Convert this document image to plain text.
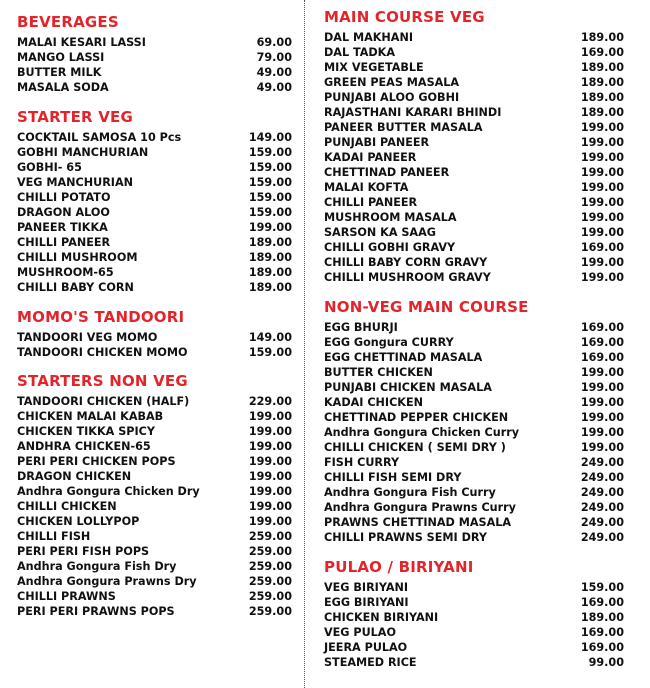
BEVERAGES
MALAI KESARI LASSI	69.00
MANGO LASSI	79.00
BUTTER MILK	49.00
MASALA SODA	49.00
STARTER VEG
COCKTAIL SAMOSA 10 Pcs	149.00
GOBHI MANCHURIAN	159.00
GOBHI- 65	159.00
VEG MANCHURIAN	159.00
CHILLI POTATO	159.00
DRAGON ALOO	159.00
PANEER TIKKA	199.00
CHILLI PANEER	189.00
CHILLI MUSHROOM	189.00
MUSHROOM-65	189.00
CHILLI BABY CORN	189.00
MOMO'S TANDOORI
TANDOORI VEG MOMO	149.00
TANDOORI CHICKEN MOMO	159.00
STARTERS NON VEG
TANDOORI CHICKEN (HALF)	229.00
CHICKEN MALAI KABAB	199.00
CHICKEN TIKKA SPICY	199.00
ANDHRA CHICKEN-65	199.00
PERI PERI CHICKEN POPS	199.00
DRAGON CHICKEN	199.00
Andhra Gongura Chicken Dry	199.00
CHILLI CHICKEN	199.00
CHICKEN LOLLYPOP	199.00
CHILLI FISH	259.00
PERI PERI FISH POPS	259.00
Andhra Gongura Fish Dry	259.00
Andhra Gongura Prawns Dry	259.00
CHILLI PRAWNS	259.00
PERI PERI PRAWNS POPS	259.00
MAIN COURSE VEG
DAL MAKHANI	189.00
DAL TADKA	169.00
MIX VEGETABLE	189.00
GREEN PEAS MASALA	189.00
PUNJABI ALOO GOBHI	189.00
RAJASTHANI KARARI BHINDI	189.00
PANEER BUTTER MASALA	199.00
PUNJABI PANEER	199.00
KADAI PANEER	199.00
CHETTINAD PANEER	199.00
MALAI KOFTA	199.00
CHILLI PANEER	199.00
MUSHROOM MASALA	199.00
SARSON KA SAAG	199.00
CHILLI GOBHI GRAVY	169.00
CHILLI BABY CORN GRAVY	199.00
CHILLI MUSHROOM GRAVY	199.00
NON-VEG MAIN COURSE
EGG BHURJI	169.00
EGG Gongura CURRY	169.00
EGG CHETTINAD MASALA	169.00
BUTTER CHICKEN	199.00
PUNJABI CHICKEN MASALA	199.00
KADAI CHICKEN	199.00
CHETTINAD PEPPER CHICKEN	199.00
Andhra Gongura Chicken Curry	199.00
CHILLI CHICKEN ( SEMI DRY )	199.00
FISH CURRY	249.00
CHILLI FISH SEMI DRY	249.00
Andhra Gongura Fish Curry	249.00
Andhra Gongura Prawns Curry	249.00
PRAWNS CHETTINAD MASALA	249.00
CHILLI PRAWNS SEMI DRY	249.00
PULAO / BIRIYANI
VEG BIRIYANI	159.00
EGG BIRIYANI	169.00
CHICKEN BIRIYANI	189.00
VEG PULAO	169.00
JEERA PULAO	169.00
STEAMED RICE	99.00
